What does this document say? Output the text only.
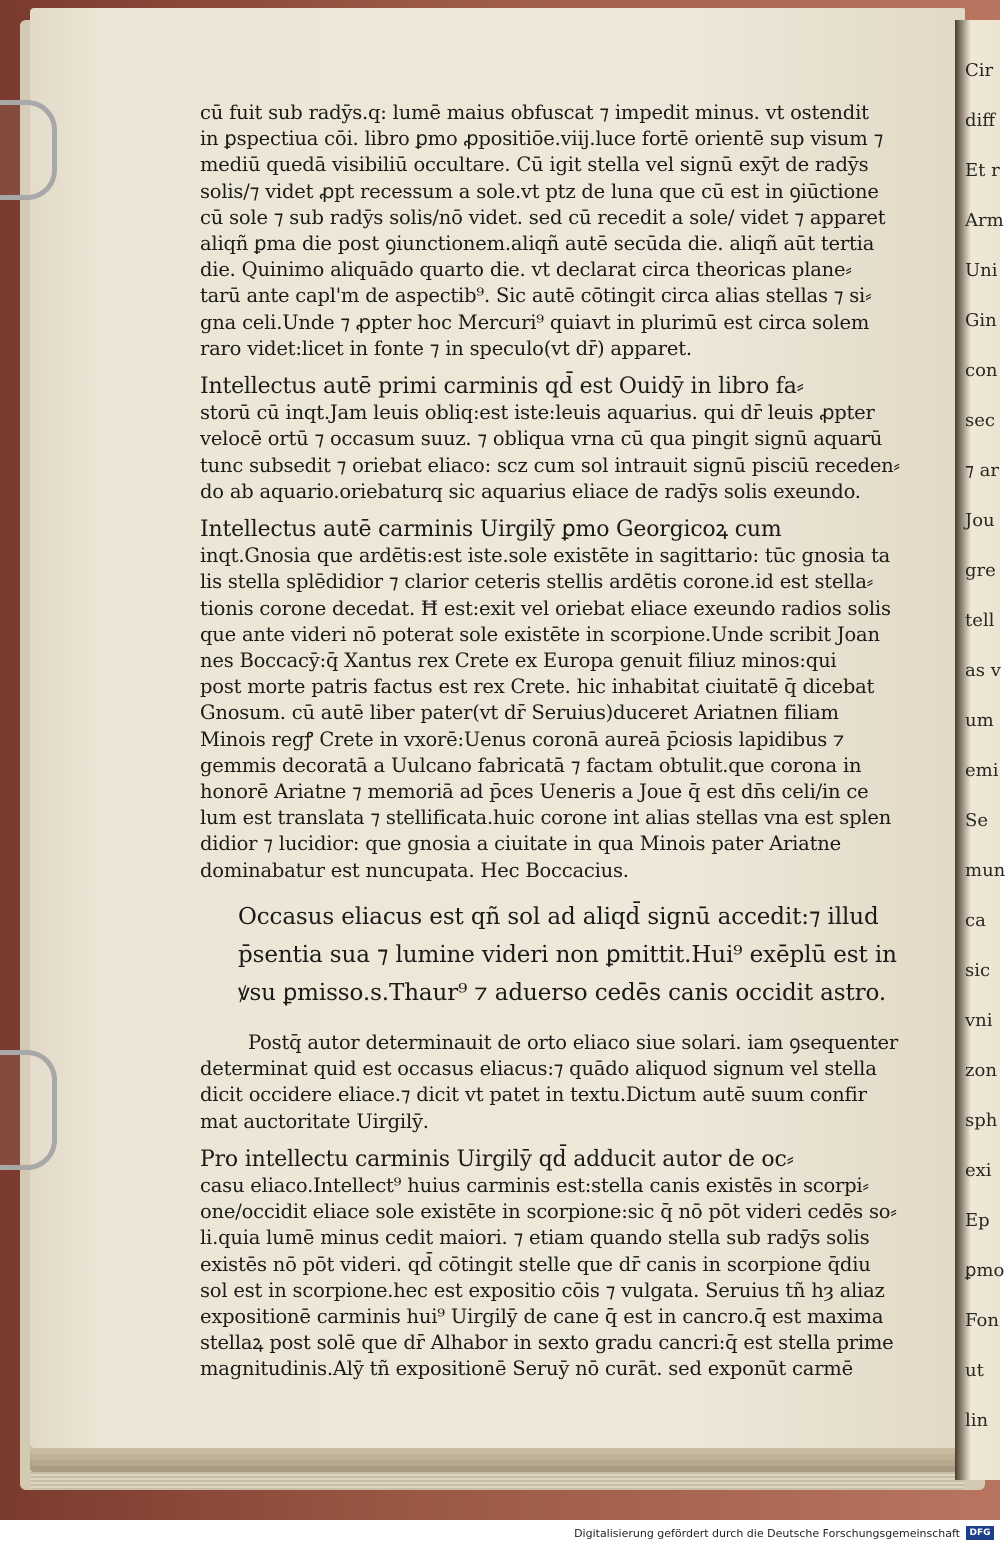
Cir
diff
Et r
Arm
Uni
Gin
con
sec
⁊ ar
Jou
gre
tell
as v
um
emi
Se
mun
ca
sic
vni
zon
sph
exi
Ep
ꝑmo
Fon
ut
lin
cū fuit sub radȳs.q: lumē maius obfuscat ⁊ impedit minus. vt ostendit
in ꝑspectiua cōi. libro ꝑmo ꝓpositiōe.viij.luce fortē orientē sup visum ⁊
mediū quedā visibiliū occultare. Cū igit stella vel signū exȳt de radȳs
solis/⁊ videt ꝓpt recessum a sole.vt ptz de luna que cū est in ꝯiūctione
cū sole ⁊ sub radȳs solis/nō videt. sed cū recedit a sole/ videt ⁊ apparet
aliqñ ꝑma die post ꝯiunctionem.aliqñ autē secūda die. aliqñ aūt tertia
die. Quinimo aliquādo quarto die. vt declarat circa theoricas plane⸗
tarū ante capl'm de aspectib⁹. Sic autē cōtingit circa alias stellas ⁊ si⸗
gna celi.Unde ⁊ ꝓpter hoc Mercuri⁹ quiavt in plurimū est circa solem
raro videt:licet in fonte ⁊ in speculo(vt dr̄) apparet.
Intellectus autē primi carminis qd̄ est Ouidȳ in libro fa⸗
storū cū inqt.Jam leuis obliq:est iste:leuis aquarius. qui dr̄ leuis ꝓpter
velocē ortū ⁊ occasum suuz. ⁊ obliqua vrna cū qua pingit signū aquarū
tunc subsedit ⁊ oriebat eliaco: scz cum sol intrauit signū pisciū receden⸗
do ab aquario.oriebaturq sic aquarius eliace de radȳs solis exeundo.
Intellectus autē carminis Uirgilȳ ꝑmo Georgicoꝝ cum
inqt.Gnosia que ardētis:est iste.sole existēte in sagittario: tūc gnosia ta
lis stella splēdidior ⁊ clarior ceteris stellis ardētis corone.id est stella⸗
tionis corone decedat. Ħ est:exit vel oriebat eliace exeundo radios solis
que ante videri nō poterat sole existēte in scorpione.Unde scribit Joan
nes Boccacȳ:q̄ Xantus rex Crete ex Europa genuit filiuz minos:qui
post morte patris factus est rex Crete. hic inhabitat ciuitatē q̄ dicebat
Gnosum. cū autē liber pater(vt dr̄ Seruius)duceret Ariatnen filiam
Minois regꝭ Crete in vxorē:Uenus coronā aureā p̄ciosis lapidibus ⁊
gemmis decoratā a Uulcano fabricatā ⁊ factam obtulit.que corona in
honorē Ariatne ⁊ memoriā ad p̄ces Ueneris a Joue q̄ est dn̄s celi/in ce
lum est translata ⁊ stellificata.huic corone int alias stellas vna est splen
didior ⁊ lucidior: que gnosia a ciuitate in qua Minois pater Ariatne
dominabatur est nuncupata. Hec Boccacius.
Occasus eliacus est qñ sol ad aliqd̄ signū accedit:⁊ illud
p̄sentia sua ⁊ lumine videri non ꝑmittit.Hui⁹ exēplū est in
ꝟsu ꝑmisso.s.Thaur⁹ ⁊ aduerso cedēs canis occidit astro.
Postq̄ autor determinauit de orto eliaco siue solari. iam ꝯsequenter
determinat quid est occasus eliacus:⁊ quādo aliquod signum vel stella
dicit occidere eliace.⁊ dicit vt patet in textu.Dictum autē suum confir
mat auctoritate Uirgilȳ.
Pro intellectu carminis Uirgilȳ qd̄ adducit autor de oc⸗
casu eliaco.Intellect⁹ huius carminis est:stella canis existēs in scorpi⸗
one/occidit eliace sole existēte in scorpione:sic q̄ nō pōt videri cedēs so⸗
li.quia lumē minus cedit maiori. ⁊ etiam quando stella sub radȳs solis
existēs nō pōt videri. qd̄ cōtingit stelle que dr̄ canis in scorpione q̄diu
sol est in scorpione.hec est expositio cōis ⁊ vulgata. Seruius tñ hȝ aliaz
expositionē carminis hui⁹ Uirgilȳ de cane q̄ est in cancro.q̄ est maxima
stellaꝝ post solē que dr̄ Alhabor in sexto gradu cancri:q̄ est stella prime
magnitudinis.Alȳ tñ expositionē Seruȳ nō curāt. sed exponūt carmē
Digitalisierung gefördert durch die Deutsche Forschungsgemeinschaft	DFG
